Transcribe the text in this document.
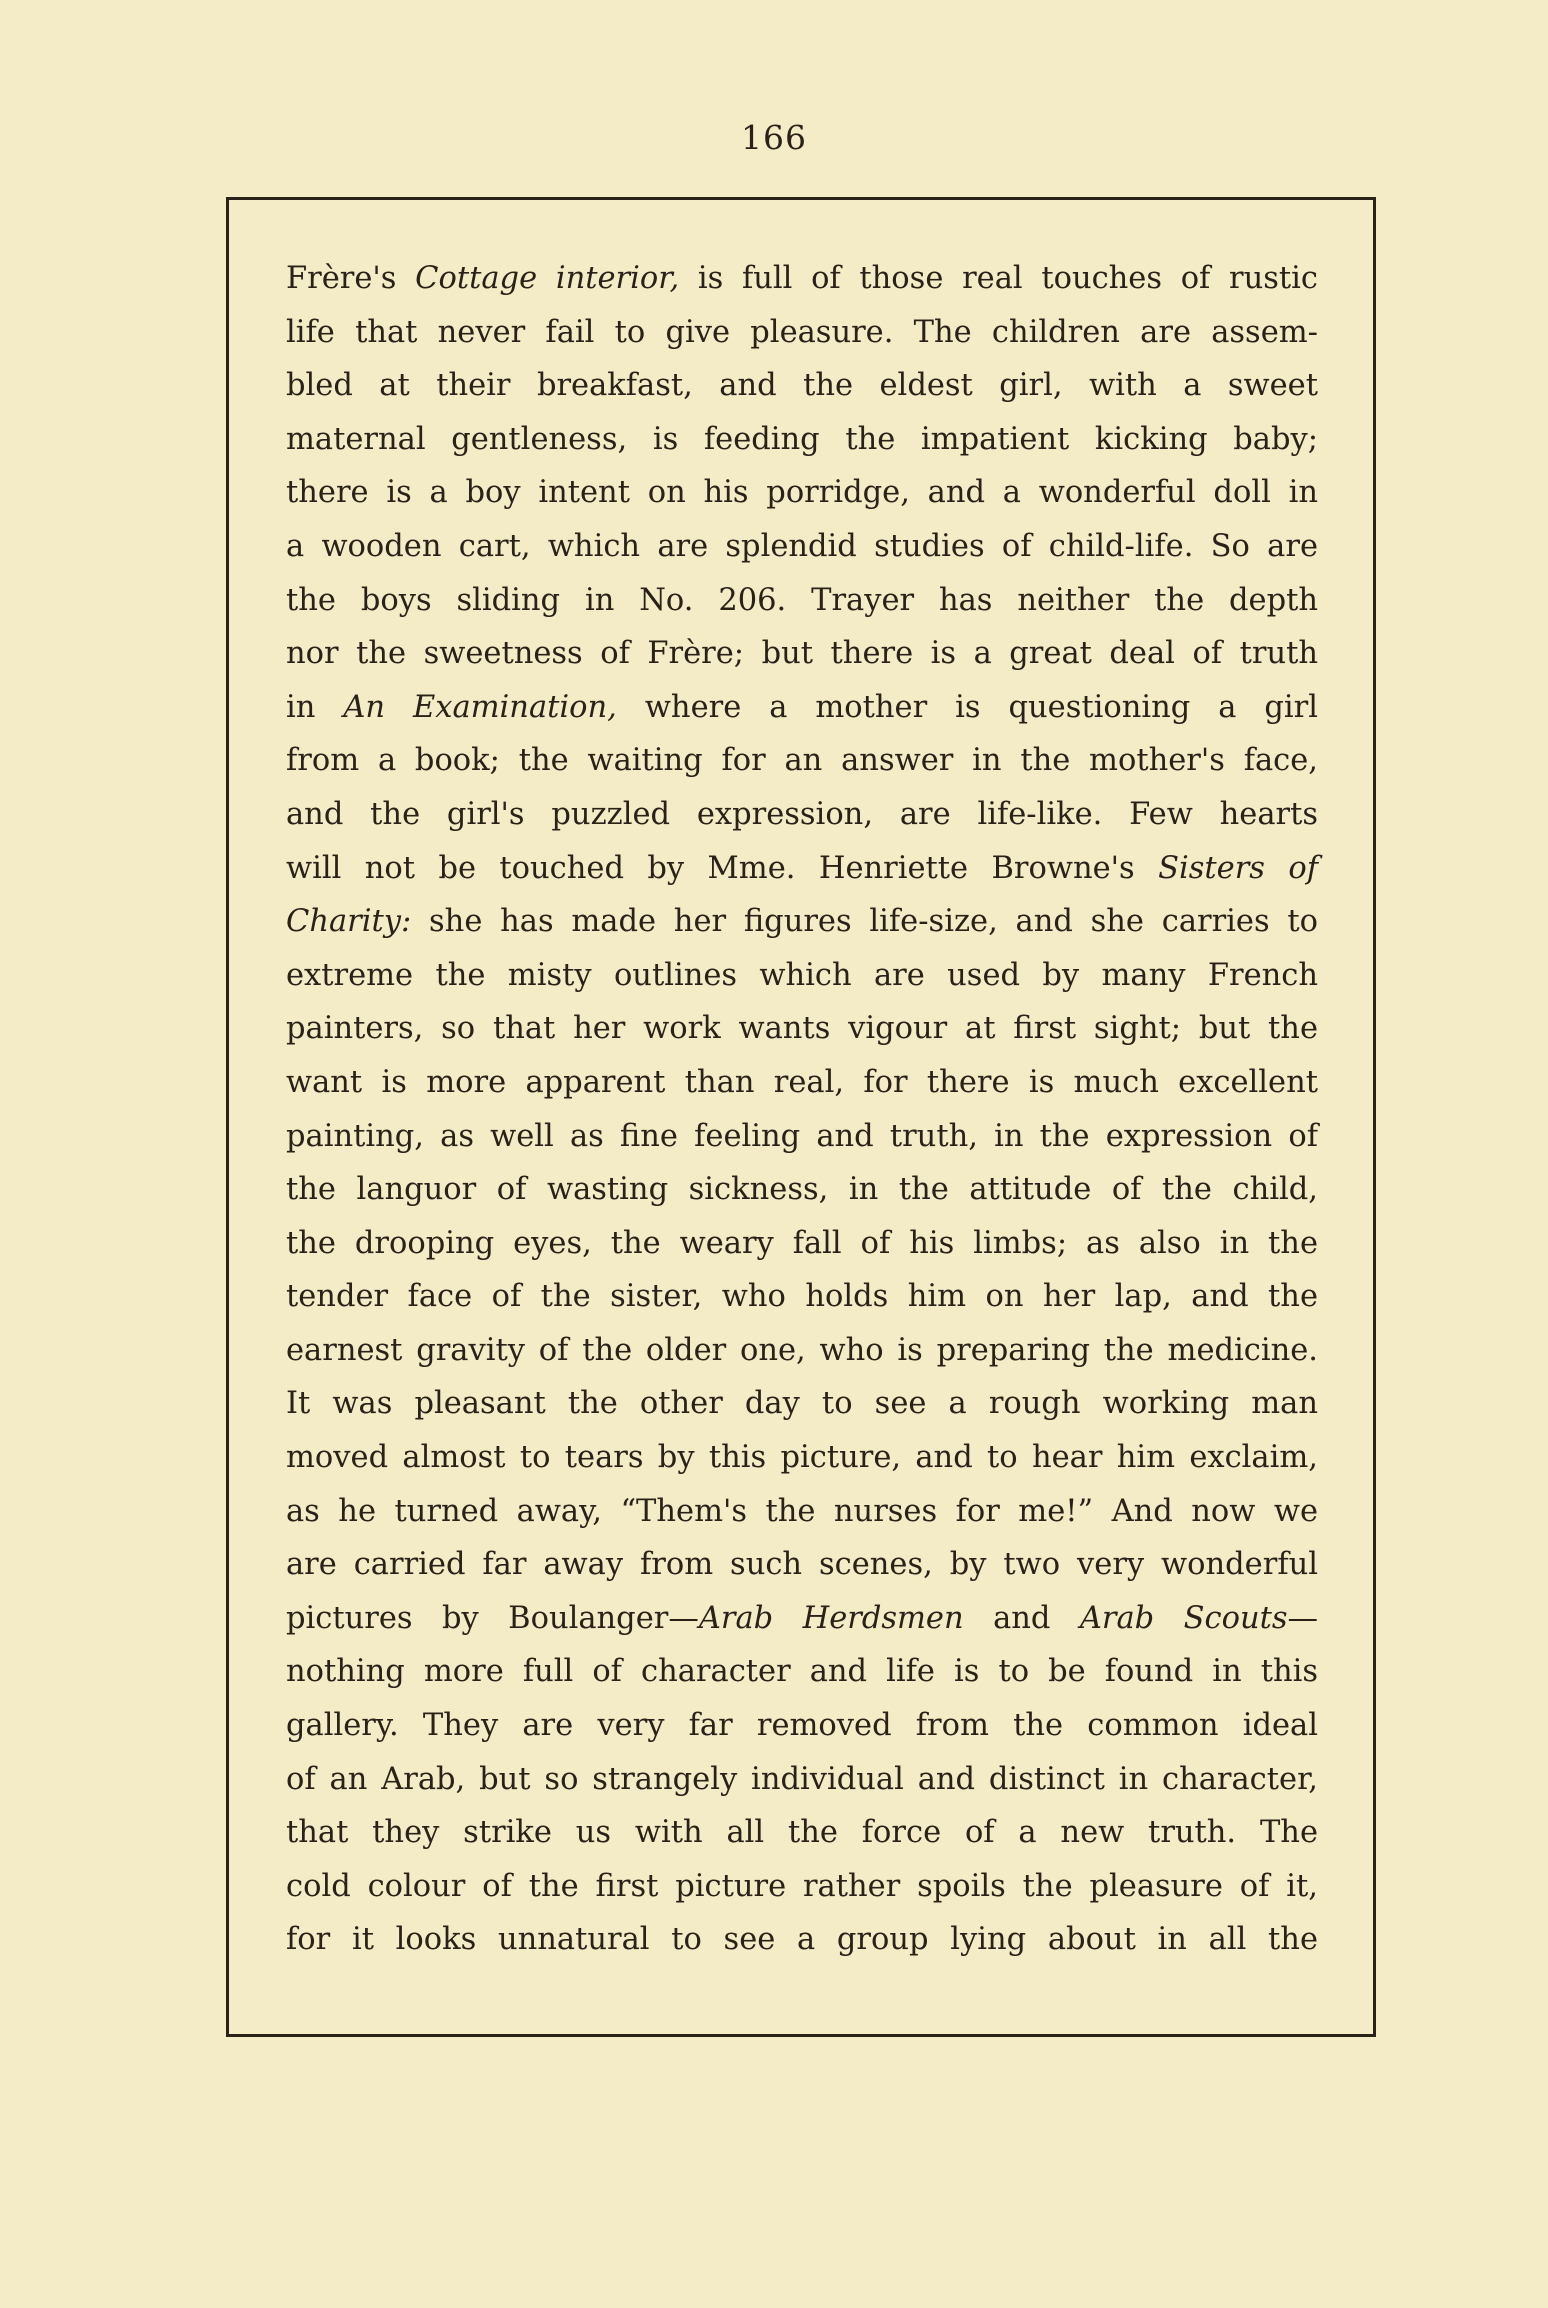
166
Frère's Cottage interior, is full of those real touches of rustic
life that never fail to give pleasure. The children are assem-
bled at their breakfast, and the eldest girl, with a sweet
maternal gentleness, is feeding the impatient kicking baby;
there is a boy intent on his porridge, and a wonderful doll in
a wooden cart, which are splendid studies of child-life. So are
the boys sliding in No. 206. Trayer has neither the depth
nor the sweetness of Frère; but there is a great deal of truth
in An Examination, where a mother is questioning a girl
from a book; the waiting for an answer in the mother's face,
and the girl's puzzled expression, are life-like. Few hearts
will not be touched by Mme. Henriette Browne's Sisters of
Charity: she has made her figures life-size, and she carries to
extreme the misty outlines which are used by many French
painters, so that her work wants vigour at first sight; but the
want is more apparent than real, for there is much excellent
painting, as well as fine feeling and truth, in the expression of
the languor of wasting sickness, in the attitude of the child,
the drooping eyes, the weary fall of his limbs; as also in the
tender face of the sister, who holds him on her lap, and the
earnest gravity of the older one, who is preparing the medicine.
It was pleasant the other day to see a rough working man
moved almost to tears by this picture, and to hear him exclaim,
as he turned away, “Them's the nurses for me!” And now we
are carried far away from such scenes, by two very wonderful
pictures by Boulanger—Arab Herdsmen and Arab Scouts—
nothing more full of character and life is to be found in this
gallery. They are very far removed from the common ideal
of an Arab, but so strangely individual and distinct in character,
that they strike us with all the force of a new truth. The
cold colour of the first picture rather spoils the pleasure of it,
for it looks unnatural to see a group lying about in all the
